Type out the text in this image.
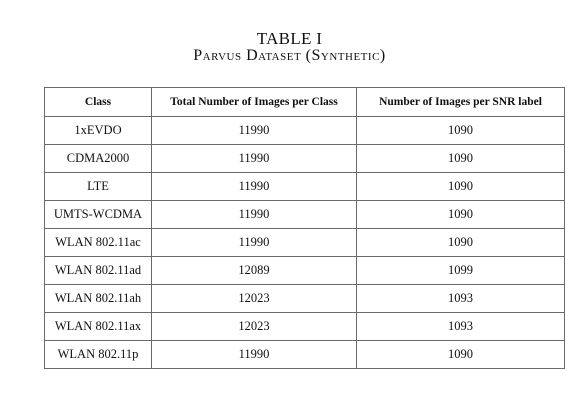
TABLE I
Parvus Dataset (Synthetic)
Class	Total Number of Images per Class	Number of Images per SNR label
1xEVDO	11990	1090
CDMA2000	11990	1090
LTE	11990	1090
UMTS-WCDMA	11990	1090
WLAN 802.11ac	11990	1090
WLAN 802.11ad	12089	1099
WLAN 802.11ah	12023	1093
WLAN 802.11ax	12023	1093
WLAN 802.11p	11990	1090
